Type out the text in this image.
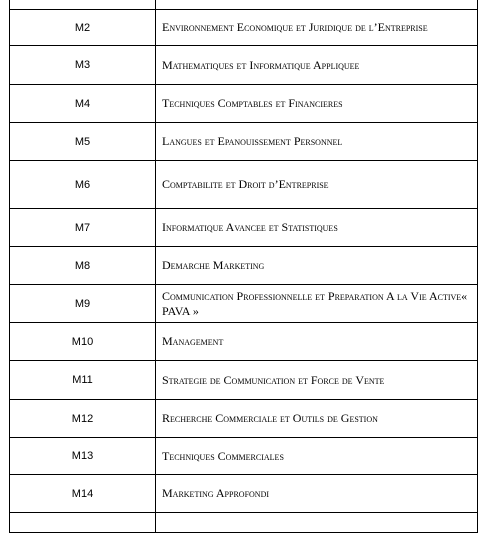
M2	Environnement Economique et Juridique de l’Entreprise
M3	Mathematiques et Informatique Appliquee
M4	Techniques Comptables et Financieres
M5	Langues et Epanouissement Personnel
M6	Comptabilite et Droit d’Entreprise
M7	Informatique Avancee et Statistiques
M8	Demarche Marketing
M9	Communication Professionnelle et Preparation A la Vie Active« PAVA »
M10	Management
M11	Strategie de Communication et Force de Vente
M12	Recherche Commerciale et Outils de Gestion
M13	Techniques Commerciales
M14	Marketing Approfondi
